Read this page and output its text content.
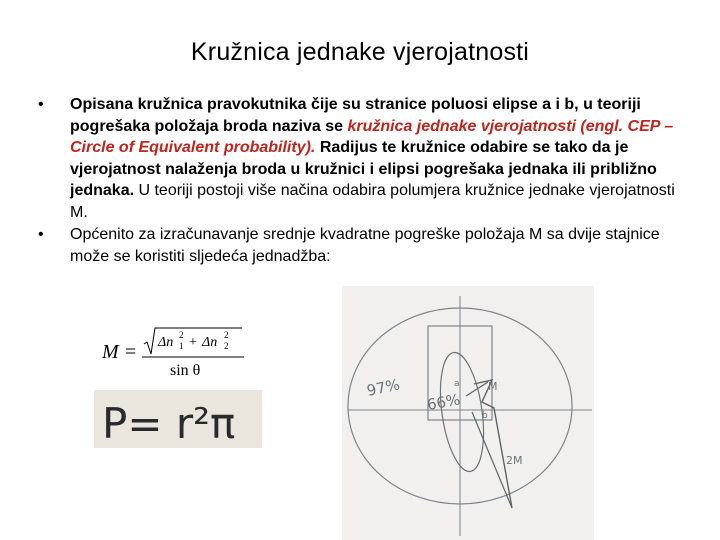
Kružnica jednake vjerojatnosti
• Opisana kružnica pravokutnika čije su stranice poluosi elipse a i b, u teoriji pogrešaka položaja broda naziva se kružnica jednake vjerojatnosti (engl. CEP – Circle of Equivalent probability). Radijus te kružnice odabire se tako da je vjerojatnost nalaženja broda u kružnici i elipsi pogrešaka jednaka ili približno jednaka. U teoriji postoji više načina odabira polumjera kružnice jednake vjerojatnosti M.
• Općenito za izračunavanje srednje kvadratne pogreške položaja M sa dvije stajnice može se koristiti sljedeća jednadžba:
M = Δn 1
2 + Δn 2
2
sin θ
P= r²π
97%
66%
M
2M
a
b
